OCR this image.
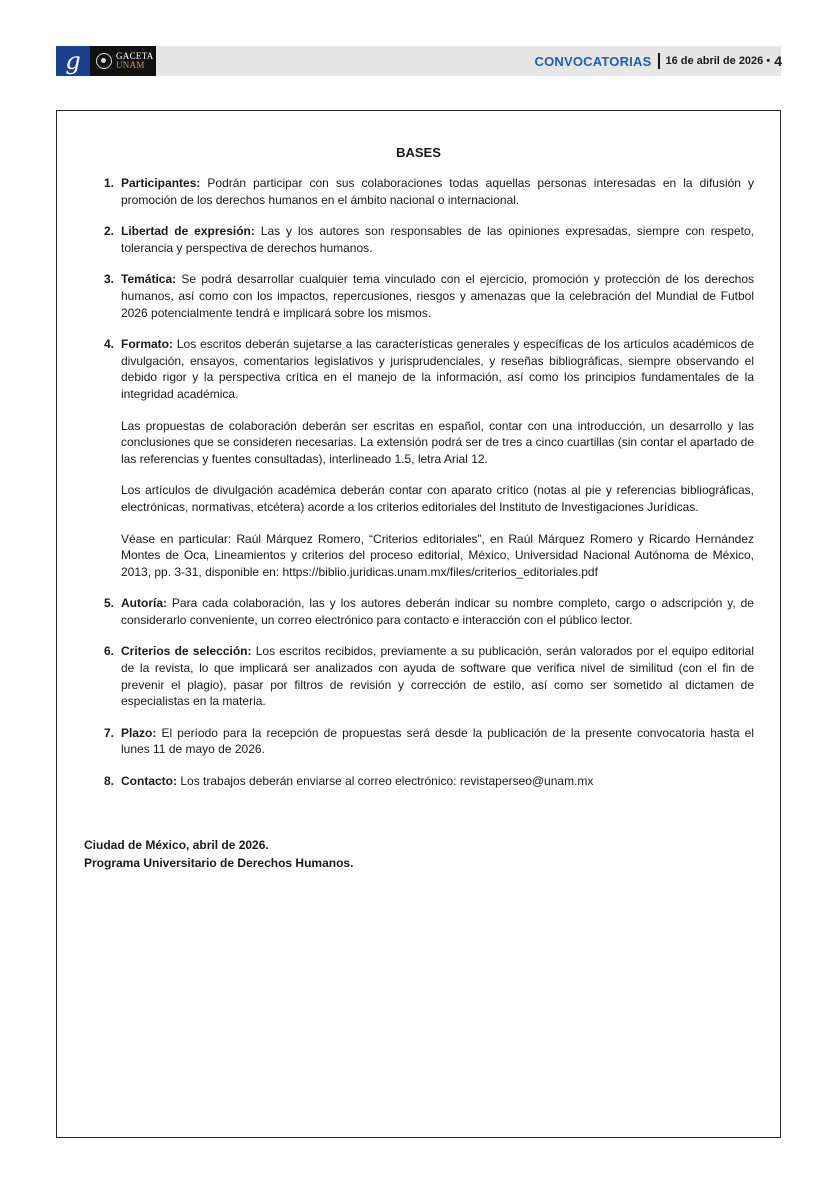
g	GACETA
UNAM	CONVOCATORIAS 16 de abril de 2026 • 4
BASES
1. Participantes: Podrán participar con sus colaboraciones todas aquellas personas interesadas en la difusión y promoción de los derechos humanos en el ámbito nacional o internacional.

2. Libertad de expresión: Las y los autores son responsables de las opiniones expresadas, siempre con respeto, tolerancia y perspectiva de derechos humanos.

3. Temática: Se podrá desarrollar cualquier tema vinculado con el ejercicio, promoción y protección de los derechos humanos, así como con los impactos, repercusiones, riesgos y amenazas que la celebración del Mundial de Futbol 2026 potencialmente tendrá e implicará sobre los mismos.

4. Formato: Los escritos deberán sujetarse a las características generales y específicas de los artículos académicos de divulgación, ensayos, comentarios legislativos y jurisprudenciales, y reseñas bibliográficas, siempre observando el debido rigor y la perspectiva crítica en el manejo de la información, así como los principios fundamentales de la integridad académica.

Las propuestas de colaboración deberán ser escritas en español, contar con una introducción, un desarrollo y las conclusiones que se consideren necesarias. La extensión podrá ser de tres a cinco cuartillas (sin contar el apartado de las referencias y fuentes consultadas), interlineado 1.5, letra Arial 12.

Los artículos de divulgación académica deberán contar con aparato crítico (notas al pie y referencias bibliográficas, electrónicas, normativas, etcétera) acorde a los criterios editoriales del Instituto de Investigaciones Jurídicas.

Véase en particular: Raúl Márquez Romero, “Criterios editoriales”, en Raúl Márquez Romero y Ricardo Hernández Montes de Oca, Lineamientos y criterios del proceso editorial, México, Universidad Nacional Autónoma de México, 2013, pp. 3-31, disponible en: https://biblio.juridicas.unam.mx/files/criterios_editoriales.pdf

5. Autoría: Para cada colaboración, las y los autores deberán indicar su nombre completo, cargo o adscripción y, de considerarlo conveniente, un correo electrónico para contacto e interacción con el público lector.

6. Criterios de selección: Los escritos recibidos, previamente a su publicación, serán valorados por el equipo editorial de la revista, lo que implicará ser analizados con ayuda de software que verifica nivel de similitud (con el fin de prevenir el plagio), pasar por filtros de revisión y corrección de estilo, así como ser sometido al dictamen de especialistas en la materia.

7. Plazo: El período para la recepción de propuestas será desde la publicación de la presente convocatoria hasta el lunes 11 de mayo de 2026.

8. Contacto: Los trabajos deberán enviarse al correo electrónico: revistaperseo@unam.mx

Ciudad de México, abril de 2026.
Programa Universitario de Derechos Humanos.
